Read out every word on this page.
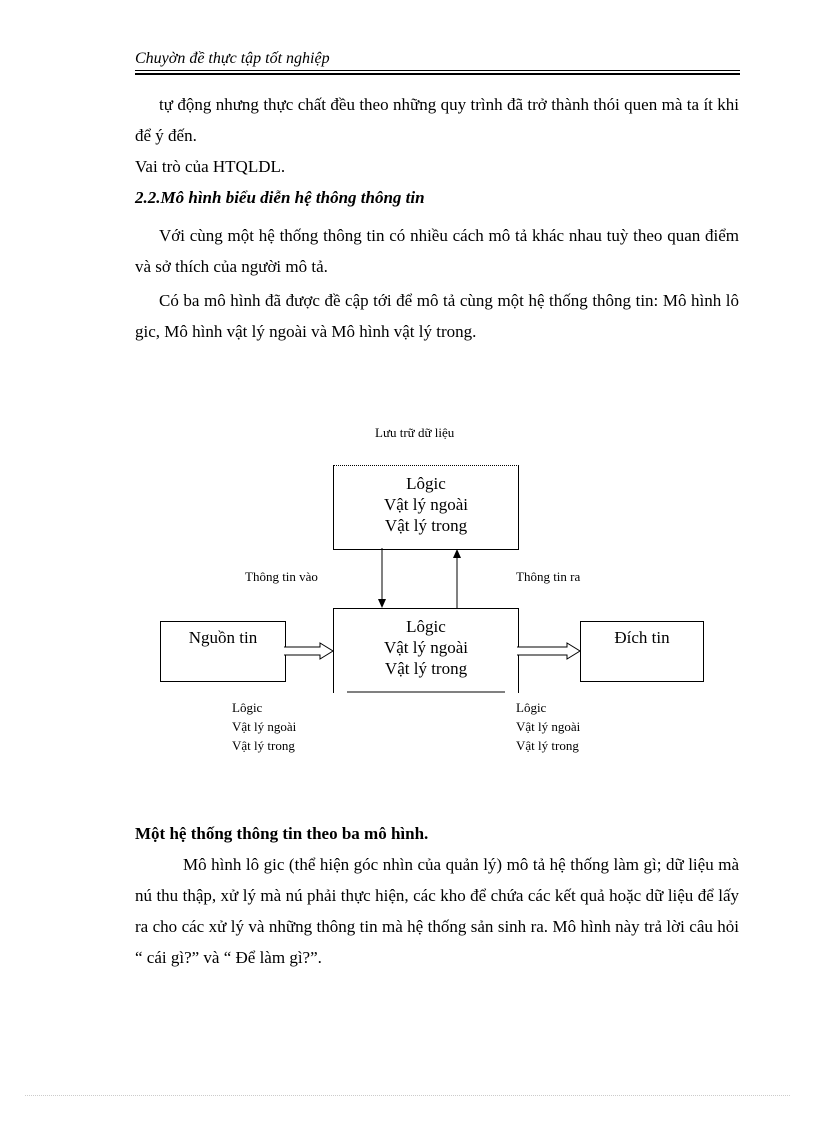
Chuyờn đề thực tập tốt nghiệp
tự động nhưng thực chất đều theo những quy trình đã trở thành thói quen mà ta ít khi để ý đến.
Vai trò của HTQLDL.
2.2.Mô hình biểu diễn hệ thông thông tin
Với cùng một hệ thống thông tin có nhiều cách mô tả khác nhau tuỳ theo quan điểm và sở thích của người mô tả.
Có ba mô hình đã được đề cập tới để mô tả cùng một hệ thống thông tin: Mô hình lô gic, Mô hình vật lý ngoài và Mô hình vật lý trong.
Lưu trữ dữ liệu
Lôgic
Vật lý ngoài
Vật lý trong
Lôgic
Vật lý ngoài
Vật lý trong
Nguồn tin	Đích tin
Thông tin vào	Thông tin ra
Lôgic
Vật lý ngoài
Vật lý trong
Lôgic
Vật lý ngoài
Vật lý trong
Một hệ thống thông tin theo ba mô hình.
Mô hình lô gic (thể hiện góc nhìn của quản lý) mô tả hệ thống làm gì; dữ liệu mà nú thu thập, xử lý mà nú phải thực hiện, các kho để chứa các kết quả hoặc dữ liệu để lấy ra cho các xử lý và những thông tin mà hệ thống sản sinh ra. Mô hình này trả lời câu hỏi “ cái gì?” và “ Để làm gì?”.
